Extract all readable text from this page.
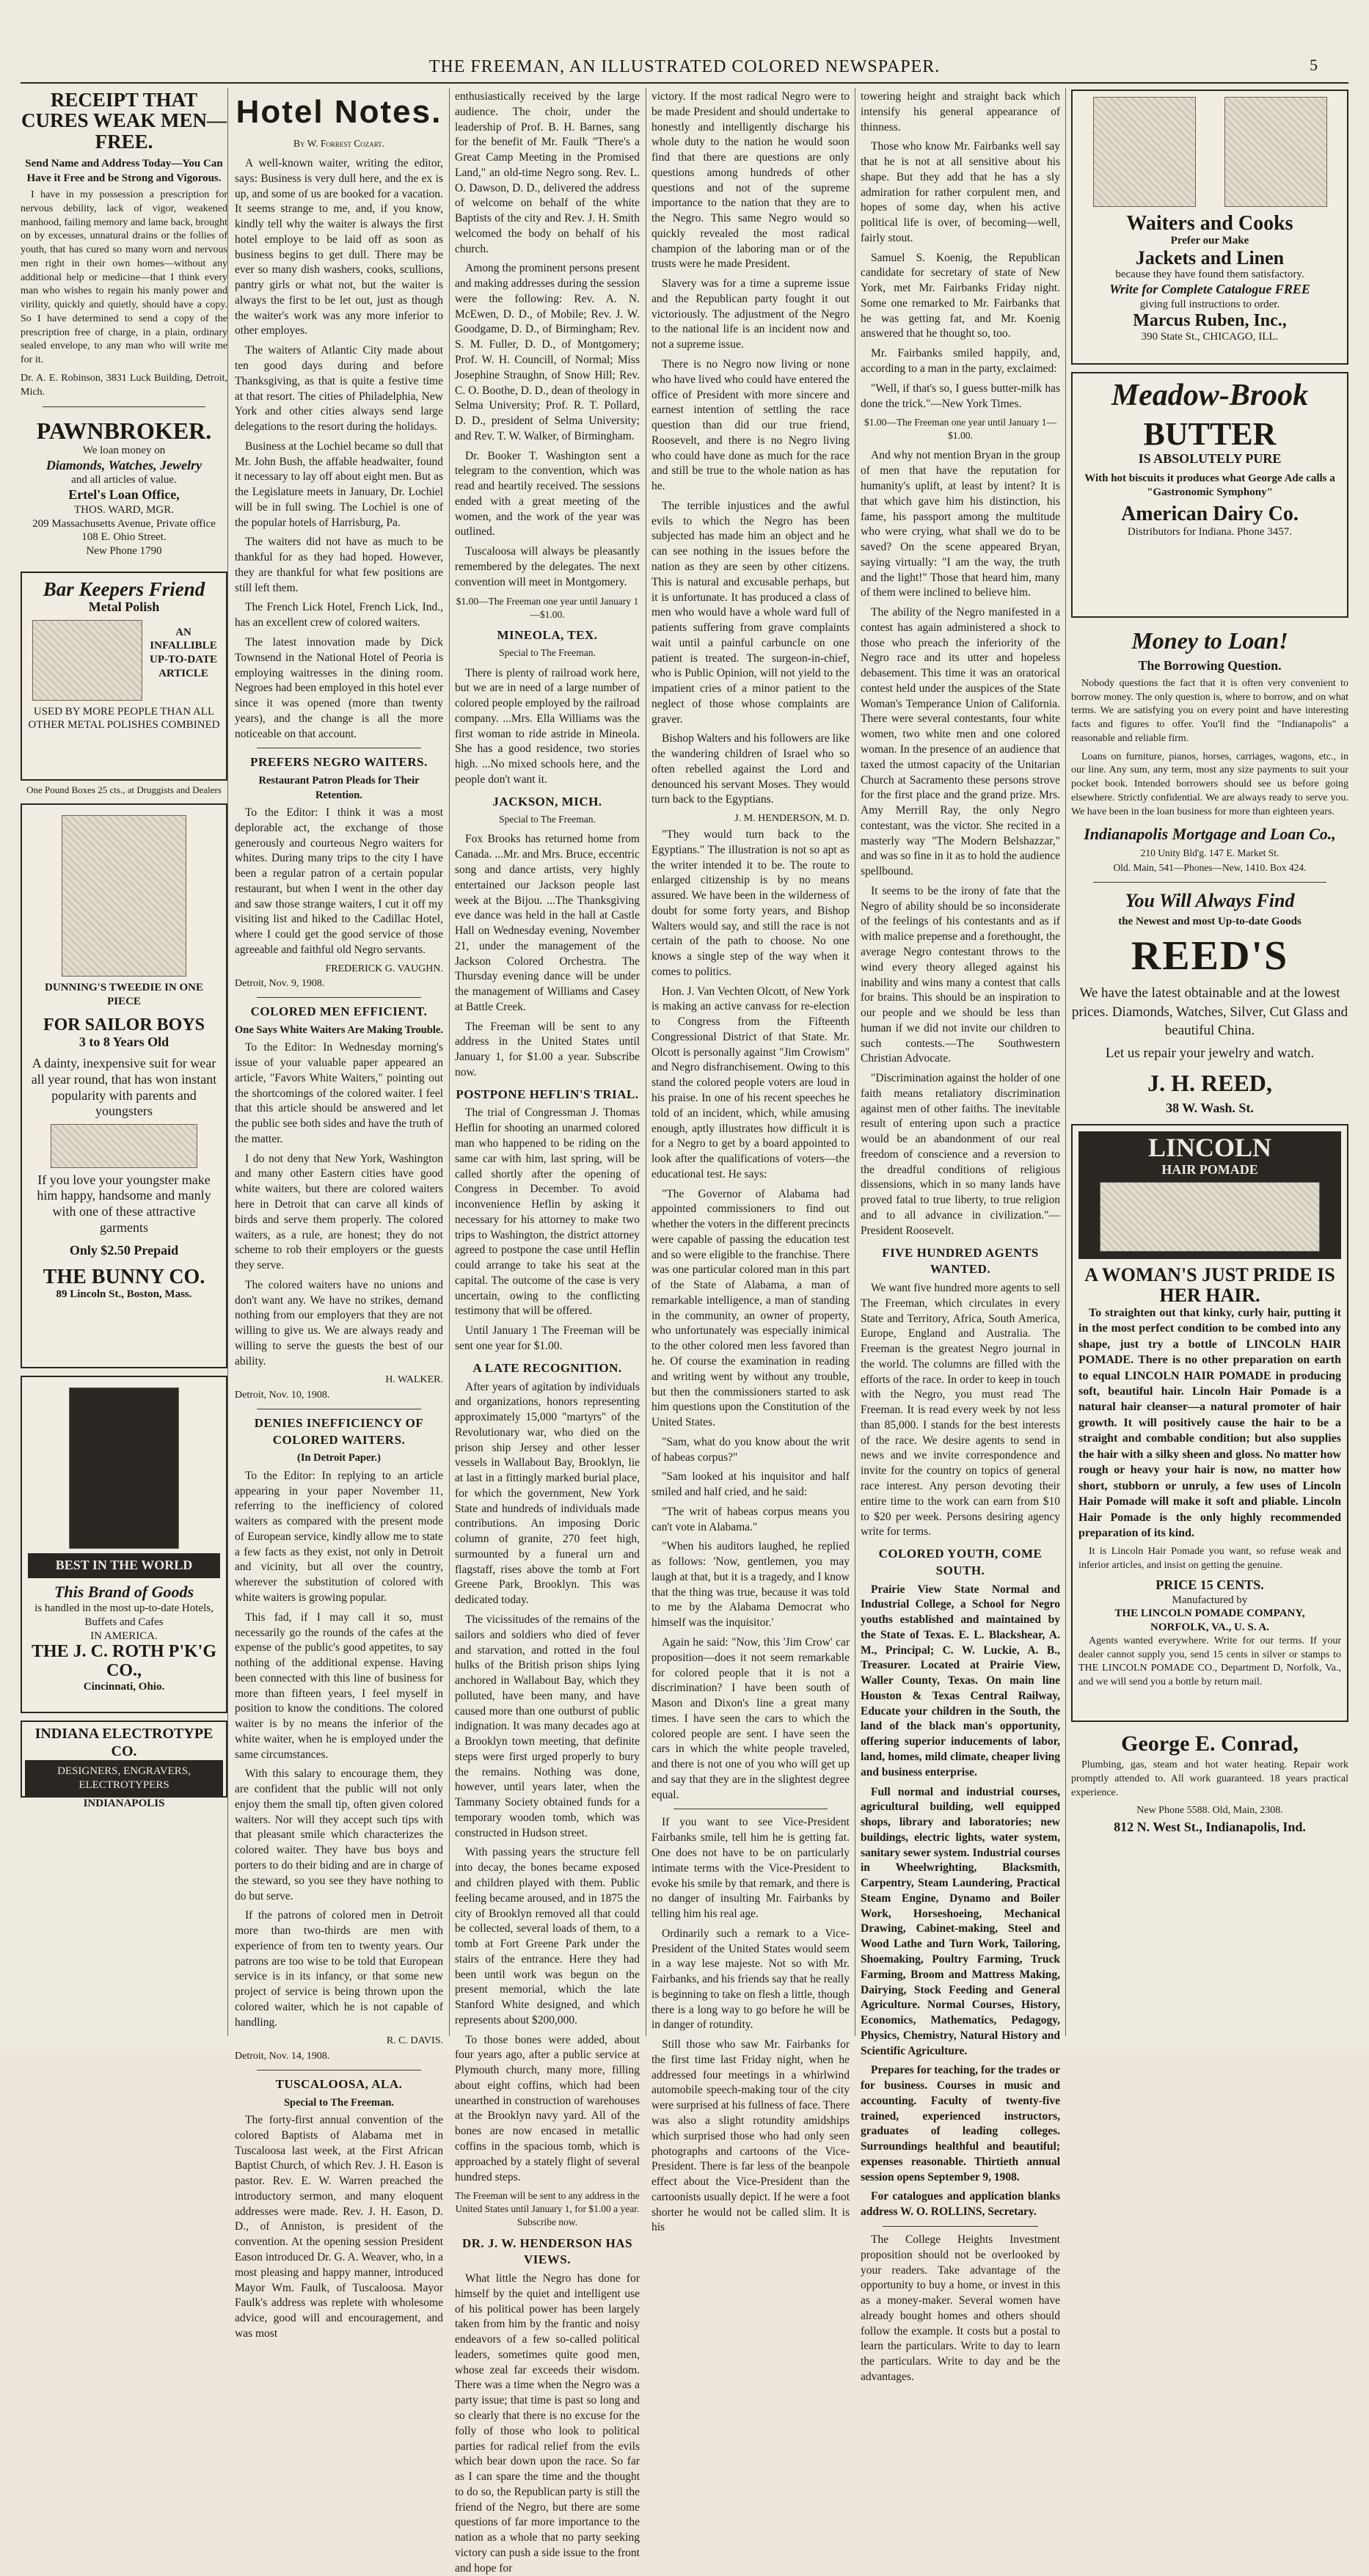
THE FREEMAN, AN ILLUSTRATED COLORED NEWSPAPER.	5
RECEIPT THAT CURES WEAK MEN—FREE.
Send Name and Address Today—You Can Have it Free and be Strong and Vigorous.

I have in my possession a prescription for nervous debility, lack of vigor, weakened manhood, failing memory and lame back, brought on by excesses, unnatural drains or the follies of youth, that has cured so many worn and nervous men right in their own homes—without any additional help or medicine—that I think every man who wishes to regain his manly power and virility, quickly and quietly, should have a copy. So I have determined to send a copy of the prescription free of charge, in a plain, ordinary sealed envelope, to any man who will write me for it.

Dr. A. E. Robinson, 3831 Luck Building, Detroit, Mich.

PAWNBROKER.
We loan money on
Diamonds, Watches, Jewelry
and all articles of value.
Ertel's Loan Office,
THOS. WARD, MGR.
209 Massachusetts Avenue, Private office 108 E. Ohio Street.
New Phone 1790
Bar Keepers Friend
Metal Polish
AN INFALLIBLE UP-TO-DATE ARTICLE
USED BY MORE PEOPLE THAN ALL OTHER METAL POLISHES COMBINED
One Pound Boxes 25 cts., at Druggists and Dealers
DUNNING'S TWEEDIE IN ONE PIECE
FOR SAILOR BOYS
3 to 8 Years Old
A dainty, inexpensive suit for wear all year round, that has won instant popularity with parents and youngsters
If you love your youngster make him happy, handsome and manly with one of these attractive garments
Only $2.50 Prepaid
THE BUNNY CO.
89 Lincoln St., Boston, Mass.
BEST IN THE WORLD
This Brand of Goods
is handled in the most up-to-date Hotels, Buffets and Cafes
IN AMERICA.
THE J. C. ROTH P'K'G CO.,
Cincinnati, Ohio.
INDIANA ELECTROTYPE CO.
DESIGNERS, ENGRAVERS, ELECTROTYPERS
INDIANAPOLIS
Hotel Notes.
By W. Forrest Cozart.

A well-known waiter, writing the editor, says: Business is very dull here, and the ex is up, and some of us are booked for a vacation. It seems strange to me, and, if you know, kindly tell why the waiter is always the first hotel employe to be laid off as soon as business begins to get dull. There may be ever so many dish washers, cooks, scullions, pantry girls or what not, but the waiter is always the first to be let out, just as though the waiter's work was any more inferior to other employes.

The waiters of Atlantic City made about ten good days during and before Thanksgiving, as that is quite a festive time at that resort. The cities of Philadelphia, New York and other cities always send large delegations to the resort during the holidays.

Business at the Lochiel became so dull that Mr. John Bush, the affable headwaiter, found it necessary to lay off about eight men. But as the Legislature meets in January, Dr. Lochiel will be in full swing. The Lochiel is one of the popular hotels of Harrisburg, Pa.

The waiters did not have as much to be thankful for as they had hoped. However, they are thankful for what few positions are still left them.

The French Lick Hotel, French Lick, Ind., has an excellent crew of colored waiters.

The latest innovation made by Dick Townsend in the National Hotel of Peoria is employing waitresses in the dining room. Negroes had been employed in this hotel ever since it was opened (more than twenty years), and the change is all the more noticeable on that account.

PREFERS NEGRO WAITERS.
Restaurant Patron Pleads for Their Retention.

To the Editor: I think it was a most deplorable act, the exchange of those generously and courteous Negro waiters for whites. During many trips to the city I have been a regular patron of a certain popular restaurant, but when I went in the other day and saw those strange waiters, I cut it off my visiting list and hiked to the Cadillac Hotel, where I could get the good service of those agreeable and faithful old Negro servants.

FREDERICK G. VAUGHN.

Detroit, Nov. 9, 1908.

COLORED MEN EFFICIENT.
One Says White Waiters Are Making Trouble.

To the Editor: In Wednesday morning's issue of your valuable paper appeared an article, "Favors White Waiters," pointing out the shortcomings of the colored waiter. I feel that this article should be answered and let the public see both sides and have the truth of the matter.

I do not deny that New York, Washington and many other Eastern cities have good white waiters, but there are colored waiters here in Detroit that can carve all kinds of birds and serve them properly. The colored waiters, as a rule, are honest; they do not scheme to rob their employers or the guests they serve.

The colored waiters have no unions and don't want any. We have no strikes, demand nothing from our employers that they are not willing to give us. We are always ready and willing to serve the guests the best of our ability.

H. WALKER.

Detroit, Nov. 10, 1908.

DENIES INEFFICIENCY OF COLORED WAITERS.
(In Detroit Paper.)

To the Editor: In replying to an article appearing in your paper November 11, referring to the inefficiency of colored waiters as compared with the present mode of European service, kindly allow me to state a few facts as they exist, not only in Detroit and vicinity, but all over the country, wherever the substitution of colored with white waiters is growing popular.

This fad, if I may call it so, must necessarily go the rounds of the cafes at the expense of the public's good appetites, to say nothing of the additional expense. Having been connected with this line of business for more than fifteen years, I feel myself in position to know the conditions. The colored waiter is by no means the inferior of the white waiter, when he is employed under the same circumstances.

With this salary to encourage them, they are confident that the public will not only enjoy them the small tip, often given colored waiters. Nor will they accept such tips with that pleasant smile which characterizes the colored waiter. They have bus boys and porters to do their biding and are in charge of the steward, so you see they have nothing to do but serve.

If the patrons of colored men in Detroit more than two-thirds are men with experience of from ten to twenty years. Our patrons are too wise to be told that European service is in its infancy, or that some new project of service is being thrown upon the colored waiter, which he is not capable of handling.

R. C. DAVIS.

Detroit, Nov. 14, 1908.

TUSCALOOSA, ALA.
Special to The Freeman.

The forty-first annual convention of the colored Baptists of Alabama met in Tuscaloosa last week, at the First African Baptist Church, of which Rev. J. H. Eason is pastor. Rev. E. W. Warren preached the introductory sermon, and many eloquent addresses were made. Rev. J. H. Eason, D. D., of Anniston, is president of the convention. At the opening session President Eason introduced Dr. G. A. Weaver, who, in a most pleasing and happy manner, introduced Mayor Wm. Faulk, of Tuscaloosa. Mayor Faulk's address was replete with wholesome advice, good will and encouragement, and was most

enthusiastically received by the large audience. The choir, under the leadership of Prof. B. H. Barnes, sang for the benefit of Mr. Faulk "There's a Great Camp Meeting in the Promised Land," an old-time Negro song. Rev. L. O. Dawson, D. D., delivered the address of welcome on behalf of the white Baptists of the city and Rev. J. H. Smith welcomed the body on behalf of his church.

Among the prominent persons present and making addresses during the session were the following: Rev. A. N. McEwen, D. D., of Mobile; Rev. J. W. Goodgame, D. D., of Birmingham; Rev. S. M. Fuller, D. D., of Montgomery; Prof. W. H. Councill, of Normal; Miss Josephine Straughn, of Snow Hill; Rev. C. O. Boothe, D. D., dean of theology in Selma University; Prof. R. T. Pollard, D. D., president of Selma University; and Rev. T. W. Walker, of Birmingham.

Dr. Booker T. Washington sent a telegram to the convention, which was read and heartily received. The sessions ended with a great meeting of the women, and the work of the year was outlined.

Tuscaloosa will always be pleasantly remembered by the delegates. The next convention will meet in Montgomery.

$1.00—The Freeman one year until January 1—$1.00.
MINEOLA, TEX.
Special to The Freeman.

There is plenty of railroad work here, but we are in need of a large number of colored people employed by the railroad company. ...Mrs. Ella Williams was the first woman to ride astride in Mineola. She has a good residence, two stories high. ...No mixed schools here, and the people don't want it.

JACKSON, MICH.
Special to The Freeman.

Fox Brooks has returned home from Canada. ...Mr. and Mrs. Bruce, eccentric song and dance artists, very highly entertained our Jackson people last week at the Bijou. ...The Thanksgiving eve dance was held in the hall at Castle Hall on Wednesday evening, November 21, under the management of the Jackson Colored Orchestra. The Thursday evening dance will be under the management of Williams and Casey at Battle Creek.

The Freeman will be sent to any address in the United States until January 1, for $1.00 a year. Subscribe now.

POSTPONE HEFLIN'S TRIAL.

The trial of Congressman J. Thomas Heflin for shooting an unarmed colored man who happened to be riding on the same car with him, last spring, will be called shortly after the opening of Congress in December. To avoid inconvenience Heflin by asking it necessary for his attorney to make two trips to Washington, the district attorney agreed to postpone the case until Heflin could arrange to take his seat at the capital. The outcome of the case is very uncertain, owing to the conflicting testimony that will be offered.

Until January 1 The Freeman will be sent one year for $1.00.

A LATE RECOGNITION.

After years of agitation by individuals and organizations, honors representing approximately 15,000 "martyrs" of the Revolutionary war, who died on the prison ship Jersey and other lesser vessels in Wallabout Bay, Brooklyn, lie at last in a fittingly marked burial place, for which the government, New York State and hundreds of individuals made contributions. An imposing Doric column of granite, 270 feet high, surmounted by a funeral urn and flagstaff, rises above the tomb at Fort Greene Park, Brooklyn. This was dedicated today.

The vicissitudes of the remains of the sailors and soldiers who died of fever and starvation, and rotted in the foul hulks of the British prison ships lying anchored in Wallabout Bay, which they polluted, have been many, and have caused more than one outburst of public indignation. It was many decades ago at a Brooklyn town meeting, that definite steps were first urged properly to bury the remains. Nothing was done, however, until years later, when the Tammany Society obtained funds for a temporary wooden tomb, which was constructed in Hudson street.

With passing years the structure fell into decay, the bones became exposed and children played with them. Public feeling became aroused, and in 1875 the city of Brooklyn removed all that could be collected, several loads of them, to a tomb at Fort Greene Park under the stairs of the entrance. Here they had been until work was begun on the present memorial, which the late Stanford White designed, and which represents about $200,000.

To those bones were added, about four years ago, after a public service at Plymouth church, many more, filling about eight coffins, which had been unearthed in construction of warehouses at the Brooklyn navy yard. All of the bones are now encased in metallic coffins in the spacious tomb, which is approached by a stately flight of several hundred steps.

The Freeman will be sent to any address in the United States until January 1, for $1.00 a year. Subscribe now.
DR. J. W. HENDERSON HAS VIEWS.

What little the Negro has done for himself by the quiet and intelligent use of his political power has been largely taken from him by the frantic and noisy endeavors of a few so-called political leaders, sometimes quite good men, whose zeal far exceeds their wisdom. There was a time when the Negro was a party issue; that time is past so long and so clearly that there is no excuse for the folly of those who look to political parties for radical relief from the evils which bear down upon the race. So far as I can spare the time and the thought to do so, the Republican party is still the friend of the Negro, but there are some questions of far more importance to the nation as a whole that no party seeking victory can push a side issue to the front and hope for

victory. If the most radical Negro were to be made President and should undertake to honestly and intelligently discharge his whole duty to the nation he would soon find that there are questions are only questions among hundreds of other questions and not of the supreme importance to the nation that they are to the Negro. This same Negro would so quickly revealed the most radical champion of the laboring man or of the trusts were he made President.

Slavery was for a time a supreme issue and the Republican party fought it out victoriously. The adjustment of the Negro to the national life is an incident now and not a supreme issue.

There is no Negro now living or none who have lived who could have entered the office of President with more sincere and earnest intention of settling the race question than did our true friend, Roosevelt, and there is no Negro living who could have done as much for the race and still be true to the whole nation as has he.

The terrible injustices and the awful evils to which the Negro has been subjected has made him an object and he can see nothing in the issues before the nation as they are seen by other citizens. This is natural and excusable perhaps, but it is unfortunate. It has produced a class of men who would have a whole ward full of patients suffering from grave complaints wait until a painful carbuncle on one patient is treated. The surgeon-in-chief, who is Public Opinion, will not yield to the impatient cries of a minor patient to the neglect of those whose complaints are graver.

Bishop Walters and his followers are like the wandering children of Israel who so often rebelled against the Lord and denounced his servant Moses. They would turn back to the Egyptians.

J. M. HENDERSON, M. D.

"They would turn back to the Egyptians." The illustration is not so apt as the writer intended it to be. The route to enlarged citizenship is by no means assured. We have been in the wilderness of doubt for some forty years, and Bishop Walters would say, and still the race is not certain of the path to choose. No one knows a single step of the way when it comes to politics.

Hon. J. Van Vechten Olcott, of New York is making an active canvass for re-election to Congress from the Fifteenth Congressional District of that State. Mr. Olcott is personally against "Jim Crowism" and Negro disfranchisement. Owing to this stand the colored people voters are loud in his praise. In one of his recent speeches he told of an incident, which, while amusing enough, aptly illustrates how difficult it is for a Negro to get by a board appointed to look after the qualifications of voters—the educational test. He says:

"The Governor of Alabama had appointed commissioners to find out whether the voters in the different precincts were capable of passing the education test and so were eligible to the franchise. There was one particular colored man in this part of the State of Alabama, a man of remarkable intelligence, a man of standing in the community, an owner of property, who unfortunately was especially inimical to the other colored men less favored than he. Of course the examination in reading and writing went by without any trouble, but then the commissioners started to ask him questions upon the Constitution of the United States.

"Sam, what do you know about the writ of habeas corpus?"

"Sam looked at his inquisitor and half smiled and half cried, and he said:

"The writ of habeas corpus means you can't vote in Alabama."

"When his auditors laughed, he replied as follows: 'Now, gentlemen, you may laugh at that, but it is a tragedy, and I know that the thing was true, because it was told to me by the Alabama Democrat who himself was the inquisitor.'

Again he said: "Now, this 'Jim Crow' car proposition—does it not seem remarkable for colored people that it is not a discrimination? I have been south of Mason and Dixon's line a great many times. I have seen the cars to which the colored people are sent. I have seen the cars in which the white people traveled, and there is not one of you who will get up and say that they are in the slightest degree equal.

If you want to see Vice-President Fairbanks smile, tell him he is getting fat. One does not have to be on particularly intimate terms with the Vice-President to evoke his smile by that remark, and there is no danger of insulting Mr. Fairbanks by telling him his real age.

Ordinarily such a remark to a Vice-President of the United States would seem in a way lese majeste. Not so with Mr. Fairbanks, and his friends say that he really is beginning to take on flesh a little, though there is a long way to go before he will be in danger of rotundity.

Still those who saw Mr. Fairbanks for the first time last Friday night, when he addressed four meetings in a whirlwind automobile speech-making tour of the city were surprised at his fullness of face. There was also a slight rotundity amidships which surprised those who had only seen photographs and cartoons of the Vice-President. There is far less of the beanpole effect about the Vice-President than the cartoonists usually depict. If he were a foot shorter he would not be called slim. It is his

towering height and straight back which intensify his general appearance of thinness.

Those who know Mr. Fairbanks well say that he is not at all sensitive about his shape. But they add that he has a sly admiration for rather corpulent men, and hopes of some day, when his active political life is over, of becoming—well, fairly stout.

Samuel S. Koenig, the Republican candidate for secretary of state of New York, met Mr. Fairbanks Friday night. Some one remarked to Mr. Fairbanks that he was getting fat, and Mr. Koenig answered that he thought so, too.

Mr. Fairbanks smiled happily, and, according to a man in the party, exclaimed:

"Well, if that's so, I guess butter-milk has done the trick."—New York Times.

$1.00—The Freeman one year until January 1—$1.00.

And why not mention Bryan in the group of men that have the reputation for humanity's uplift, at least by intent? It is that which gave him his distinction, his fame, his passport among the multitude who were crying, what shall we do to be saved? On the scene appeared Bryan, saying virtually: "I am the way, the truth and the light!" Those that heard him, many of them were inclined to believe him.

The ability of the Negro manifested in a contest has again administered a shock to those who preach the inferiority of the Negro race and its utter and hopeless debasement. This time it was an oratorical contest held under the auspices of the State Woman's Temperance Union of California. There were several contestants, four white women, two white men and one colored woman. In the presence of an audience that taxed the utmost capacity of the Unitarian Church at Sacramento these persons strove for the first place and the grand prize. Mrs. Amy Merrill Ray, the only Negro contestant, was the victor. She recited in a masterly way "The Modern Belshazzar," and was so fine in it as to hold the audience spellbound.

It seems to be the irony of fate that the Negro of ability should be so inconsiderate of the feelings of his contestants and as if with malice prepense and a forethought, the average Negro contestant throws to the wind every theory alleged against his inability and wins many a contest that calls for brains. This should be an inspiration to our people and we should be less than human if we did not invite our children to such contests.—The Southwestern Christian Advocate.

"Discrimination against the holder of one faith means retaliatory discrimination against men of other faiths. The inevitable result of entering upon such a practice would be an abandonment of our real freedom of conscience and a reversion to the dreadful conditions of religious dissensions, which in so many lands have proved fatal to true liberty, to true religion and to all advance in civilization."—President Roosevelt.

FIVE HUNDRED AGENTS WANTED.

We want five hundred more agents to sell The Freeman, which circulates in every State and Territory, Africa, South America, Europe, England and Australia. The Freeman is the greatest Negro journal in the world. The columns are filled with the efforts of the race. In order to keep in touch with the Negro, you must read The Freeman. It is read every week by not less than 85,000. I stands for the best interests of the race. We desire agents to send in news and we invite correspondence and invite for the country on topics of general race interest. Any person devoting their entire time to the work can earn from $10 to $20 per week. Persons desiring agency write for terms.

COLORED YOUTH, COME SOUTH.

Prairie View State Normal and Industrial College, a School for Negro youths established and maintained by the State of Texas. E. L. Blackshear, A. M., Principal; C. W. Luckie, A. B., Treasurer. Located at Prairie View, Waller County, Texas. On main line Houston & Texas Central Railway, Educate your children in the South, the land of the black man's opportunity, offering superior inducements of labor, land, homes, mild climate, cheaper living and business enterprise.

Full normal and industrial courses, agricultural building, well equipped shops, library and laboratories; new buildings, electric lights, water system, sanitary sewer system. Industrial courses in Wheelwrighting, Blacksmith, Carpentry, Steam Laundering, Practical Steam Engine, Dynamo and Boiler Work, Horseshoeing, Mechanical Drawing, Cabinet-making, Steel and Wood Lathe and Turn Work, Tailoring, Shoemaking, Poultry Farming, Truck Farming, Broom and Mattress Making, Dairying, Stock Feeding and General Agriculture. Normal Courses, History, Economics, Mathematics, Pedagogy, Physics, Chemistry, Natural History and Scientific Agriculture.

Prepares for teaching, for the trades or for business. Courses in music and accounting. Faculty of twenty-five trained, experienced instructors, graduates of leading colleges. Surroundings healthful and beautiful; expenses reasonable. Thirtieth annual session opens September 9, 1908.

For catalogues and application blanks address W. O. ROLLINS, Secretary.

The College Heights Investment proposition should not be overlooked by your readers. Take advantage of the opportunity to buy a home, or invest in this as a money-maker. Several women have already bought homes and others should follow the example. It costs but a postal to learn the particulars. Write to day to learn the particulars. Write to day and be the advantages.

Waiters and Cooks
Prefer our Make
Jackets and Linen
because they have found them satisfactory.
Write for Complete Catalogue FREE
giving full instructions to order.
Marcus Ruben, Inc.,
390 State St., CHICAGO, ILL.
Meadow-Brook
BUTTER
IS ABSOLUTELY PURE
With hot biscuits it produces what George Ade calls a "Gastronomic Symphony"
American Dairy Co.
Distributors for Indiana. Phone 3457.
Money to Loan!
The Borrowing Question.

Nobody questions the fact that it is often very convenient to borrow money. The only question is, where to borrow, and on what terms. We are satisfying you on every point and have interesting facts and figures to offer. You'll find the "Indianapolis" a reasonable and reliable firm.

Loans on furniture, pianos, horses, carriages, wagons, etc., in our line. Any sum, any term, most any size payments to suit your pocket book. Intended borrowers should see us before going elsewhere. Strictly confidential. We are always ready to serve you. We have been in the loan business for more than eighteen years.

Indianapolis Mortgage and Loan Co.,
210 Unity Bld'g. 147 E. Market St.
Old. Main, 541—Phones—New, 1410. Box 424.
You Will Always Find
the Newest and most Up-to-date Goods
REED'S

We have the latest obtainable and at the lowest prices. Diamonds, Watches, Silver, Cut Glass and beautiful China.

Let us repair your jewelry and watch.

J. H. REED,
38 W. Wash. St.
LINCOLN
HAIR POMADE
A WOMAN'S JUST PRIDE IS HER HAIR.

To straighten out that kinky, curly hair, putting it in the most perfect condition to be combed into any shape, just try a bottle of LINCOLN HAIR POMADE. There is no other preparation on earth to equal LINCOLN HAIR POMADE in producing soft, beautiful hair. Lincoln Hair Pomade is a natural hair cleanser—a natural promoter of hair growth. It will positively cause the hair to be a straight and combable condition; but also supplies the hair with a silky sheen and gloss. No matter how rough or heavy your hair is now, no matter how short, stubborn or unruly, a few uses of Lincoln Hair Pomade will make it soft and pliable. Lincoln Hair Pomade is the only highly recommended preparation of its kind.

It is Lincoln Hair Pomade you want, so refuse weak and inferior articles, and insist on getting the genuine.

PRICE 15 CENTS.
Manufactured by
THE LINCOLN POMADE COMPANY,
NORFOLK, VA., U. S. A.

Agents wanted everywhere. Write for our terms. If your dealer cannot supply you, send 15 cents in silver or stamps to THE LINCOLN POMADE CO., Department D, Norfolk, Va., and we will send you a bottle by return mail.

George E. Conrad,

Plumbing, gas, steam and hot water heating. Repair work promptly attended to. All work guaranteed. 18 years practical experience.

New Phone 5588. Old, Main, 2308.
812 N. West St., Indianapolis, Ind.
